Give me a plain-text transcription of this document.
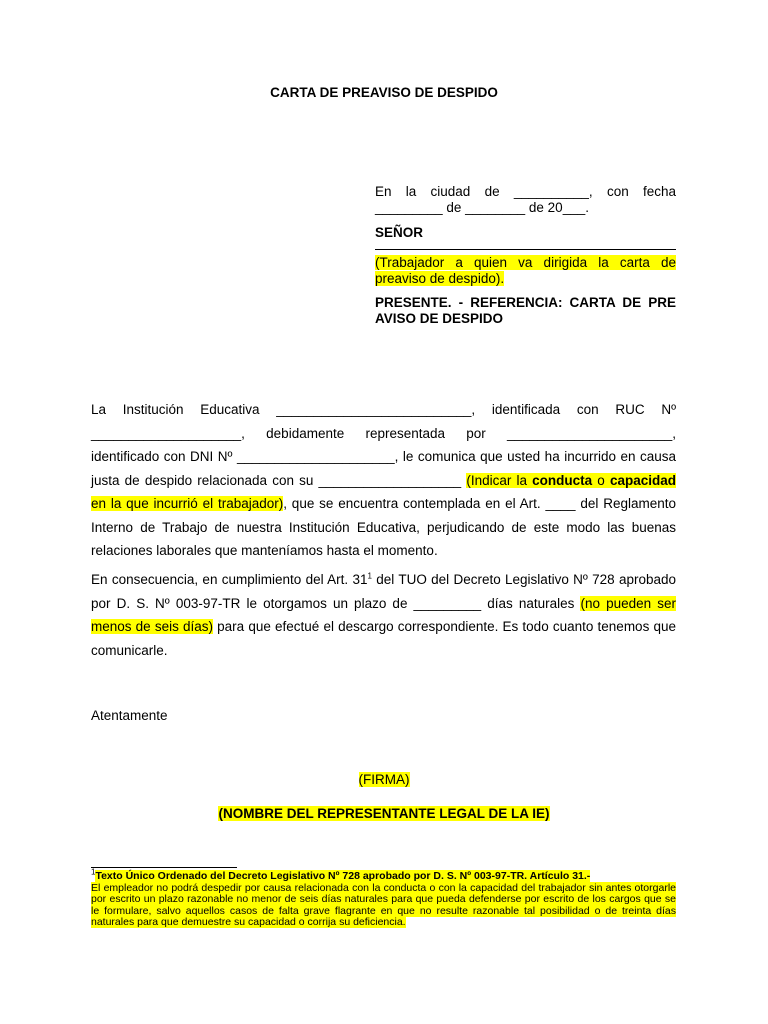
CARTA DE PREAVISO DE DESPIDO
En la ciudad de __________, con fecha
_________ de ________ de 20___.
SEÑOR
(Trabajador a quien va dirigida la carta de
preaviso de despido).
PRESENTE. - REFERENCIA: CARTA DE PRE
AVISO DE DESPIDO
La Institución Educativa __________________________, identificada con RUC Nº ____________________, debidamente representada por ______________________, identificado con DNI Nº _____________________, le comunica que usted ha incurrido en causa justa de despido relacionada con su ___________________ (Indicar la conducta o capacidad en la que incurrió el trabajador), que se encuentra contemplada en el Art. ____ del Reglamento Interno de Trabajo de nuestra Institución Educativa, perjudicando de este modo las buenas relaciones laborales que manteníamos hasta el momento.
En consecuencia, en cumplimiento del Art. $31^1$ del TUO del Decreto Legislativo Nº 728 aprobado por D. S. Nº 003-97-TR le otorgamos un plazo de _________ días naturales (no pueden ser menos de seis días) para que efectué el descargo correspondiente. Es todo cuanto tenemos que comunicarle.
Atentamente
(FIRMA)
(NOMBRE DEL REPRESENTANTE LEGAL DE LA IE)
$^1$Texto Único Ordenado del Decreto Legislativo Nº 728 aprobado por D. S. Nº 003-97-TR. Artículo 31.-
El empleador no podrá despedir por causa relacionada con la conducta o con la capacidad del trabajador sin antes otorgarle por escrito un plazo razonable no menor de seis días naturales para que pueda defenderse por escrito de los cargos que se le formulare, salvo aquellos casos de falta grave flagrante en que no resulte razonable tal posibilidad o de treinta días naturales para que demuestre su capacidad o corrija su deficiencia.
